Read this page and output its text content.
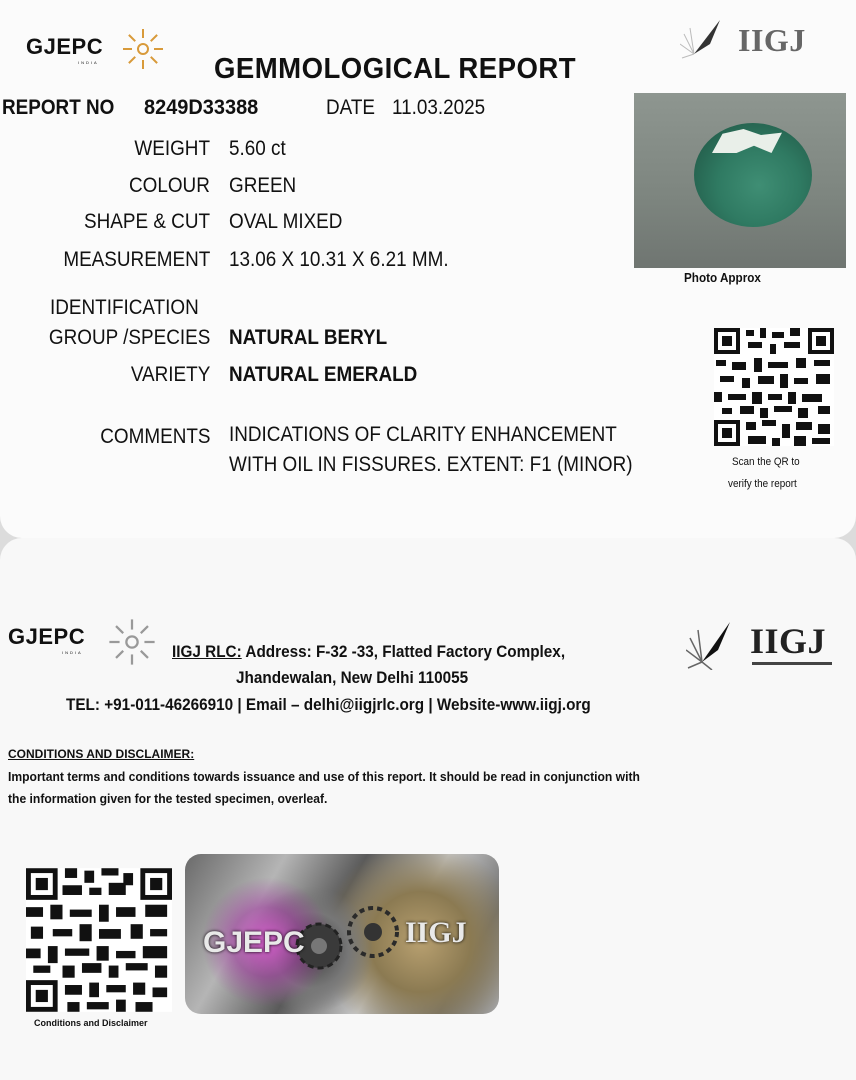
GJEPC
INDIA
IIGJ
GEMMOLOGICAL REPORT
REPORT NO 8249D33388	DATE 11.03.2025
WEIGHT 5.60 ct
COLOUR GREEN
SHAPE & CUT OVAL MIXED
MEASUREMENT 13.06 X 10.31 X 6.21 MM.
IDENTIFICATION
GROUP /SPECIES NATURAL BERYL
VARIETY NATURAL EMERALD
COMMENTS INDICATIONS OF CLARITY ENHANCEMENT
WITH OIL IN FISSURES. EXTENT: F1 (MINOR)
Photo Approx
Scan the QR to
verify the report
GJEPC
INDIA	IIGJ RLC: Address: F-32 -33, Flatted Factory Complex,
Jhandewalan, New Delhi 110055
TEL: +91-011-46266910 | Email – delhi@iigjrlc.org | Website-www.iigj.org
IIGJ
CONDITIONS AND DISCLAIMER:
Important terms and conditions towards issuance and use of this report. It should be read in conjunction with
the information given for the tested specimen, overleaf.
Conditions and Disclaimer
GJEPC	IIGJ
